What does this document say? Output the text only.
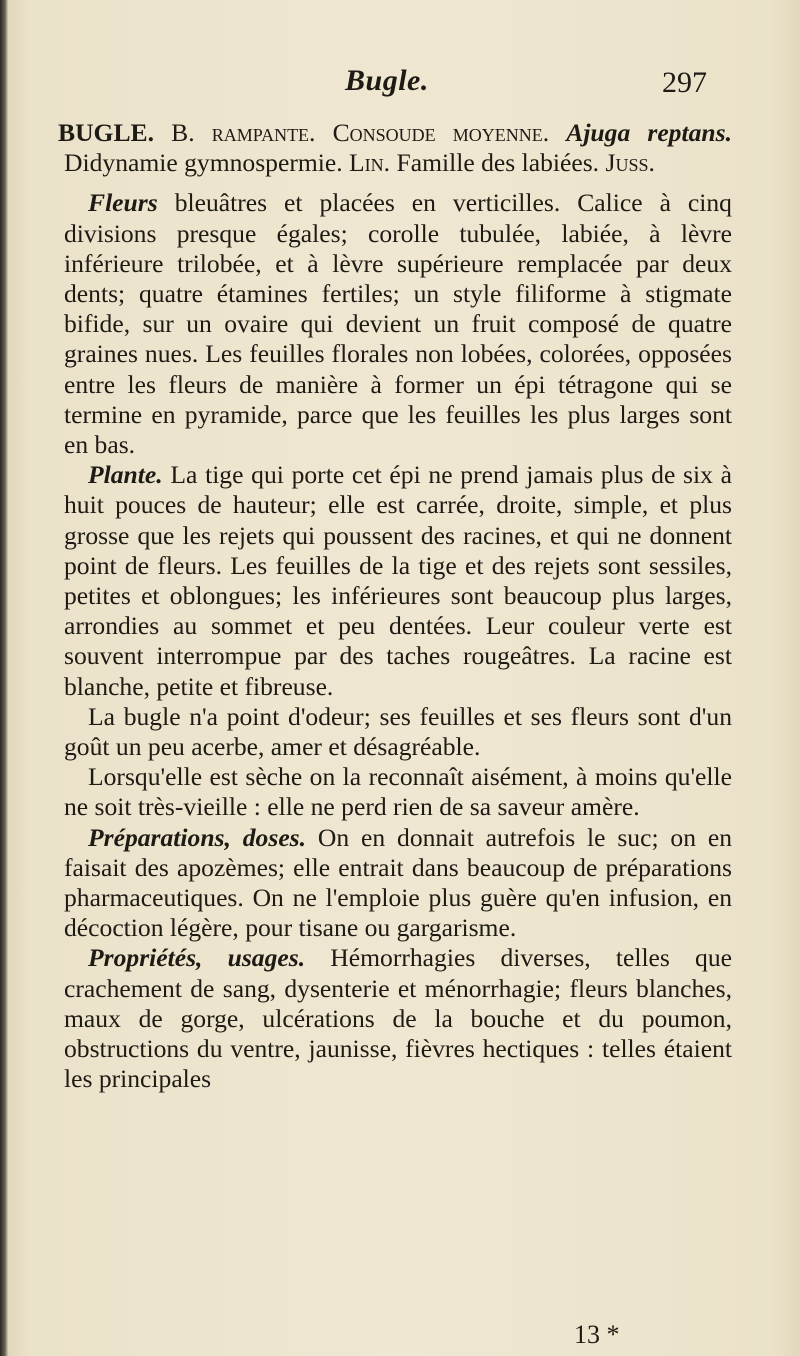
Bugle.	297

BUGLE. B. rampante. Consoude moyenne. Ajuga reptans. Didynamie gymnospermie. Lin. Famille des labiées. Juss.

Fleurs bleuâtres et placées en verticilles. Calice à cinq divisions presque égales; corolle tubulée, labiée, à lèvre inférieure trilobée, et à lèvre supérieure remplacée par deux dents; quatre étamines fertiles; un style filiforme à stigmate bifide, sur un ovaire qui devient un fruit composé de quatre graines nues. Les feuilles florales non lobées, colorées, opposées entre les fleurs de manière à former un épi tétragone qui se termine en pyramide, parce que les feuilles les plus larges sont en bas.

Plante. La tige qui porte cet épi ne prend jamais plus de six à huit pouces de hauteur; elle est carrée, droite, simple, et plus grosse que les rejets qui poussent des racines, et qui ne donnent point de fleurs. Les feuilles de la tige et des rejets sont sessiles, petites et oblongues; les inférieures sont beaucoup plus larges, arrondies au sommet et peu dentées. Leur couleur verte est souvent interrompue par des taches rougeâtres. La racine est blanche, petite et fibreuse.

La bugle n'a point d'odeur; ses feuilles et ses fleurs sont d'un goût un peu acerbe, amer et désagréable.

Lorsqu'elle est sèche on la reconnaît aisément, à moins qu'elle ne soit très-vieille : elle ne perd rien de sa saveur amère.

Préparations, doses. On en donnait autrefois le suc; on en faisait des apozèmes; elle entrait dans beaucoup de préparations pharmaceutiques. On ne l'emploie plus guère qu'en infusion, en décoction légère, pour tisane ou gargarisme.

Propriétés, usages. Hémorrhagies diverses, telles que crachement de sang, dysenterie et ménorrhagie; fleurs blanches, maux de gorge, ulcérations de la bouche et du poumon, obstructions du ventre, jaunisse, fièvres hectiques : telles étaient les principales

13 *
